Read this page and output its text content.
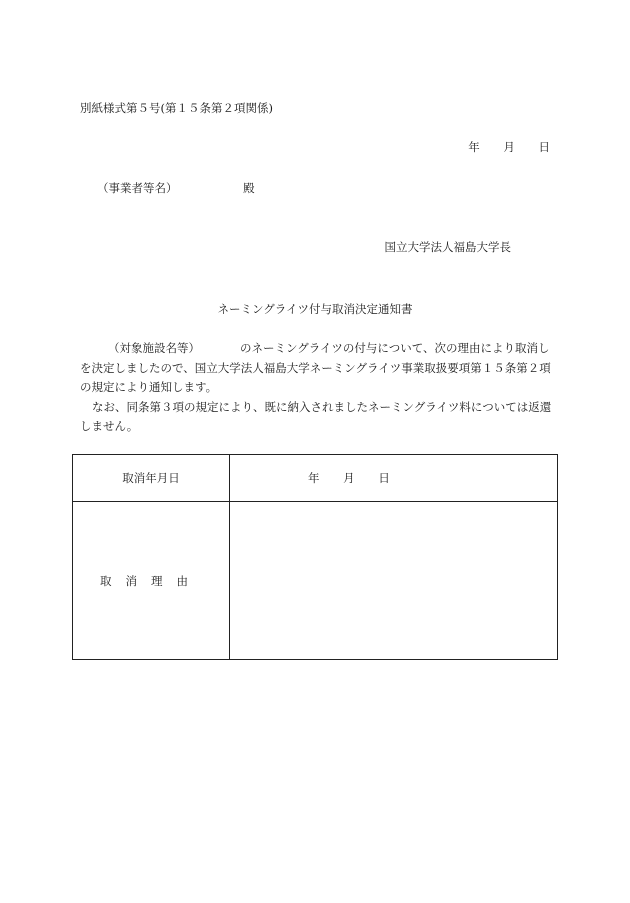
別紙様式第５号(第１５条第２項関係)
年 月 日
（事業者等名）	殿
国立大学法人福島大学長
ネーミングライツ付与取消決定通知書

（対象施設名等）	のネーミングライツの付与について、次の理由により取消しを決定しましたので、国立大学法人福島大学ネーミングライツ事業取扱要項第１５条第２項の規定により通知します。

なお、同条第３項の規定により、既に納入されましたネーミングライツ料については返還しません。

取消年月日	年 月 日
取消理由	
